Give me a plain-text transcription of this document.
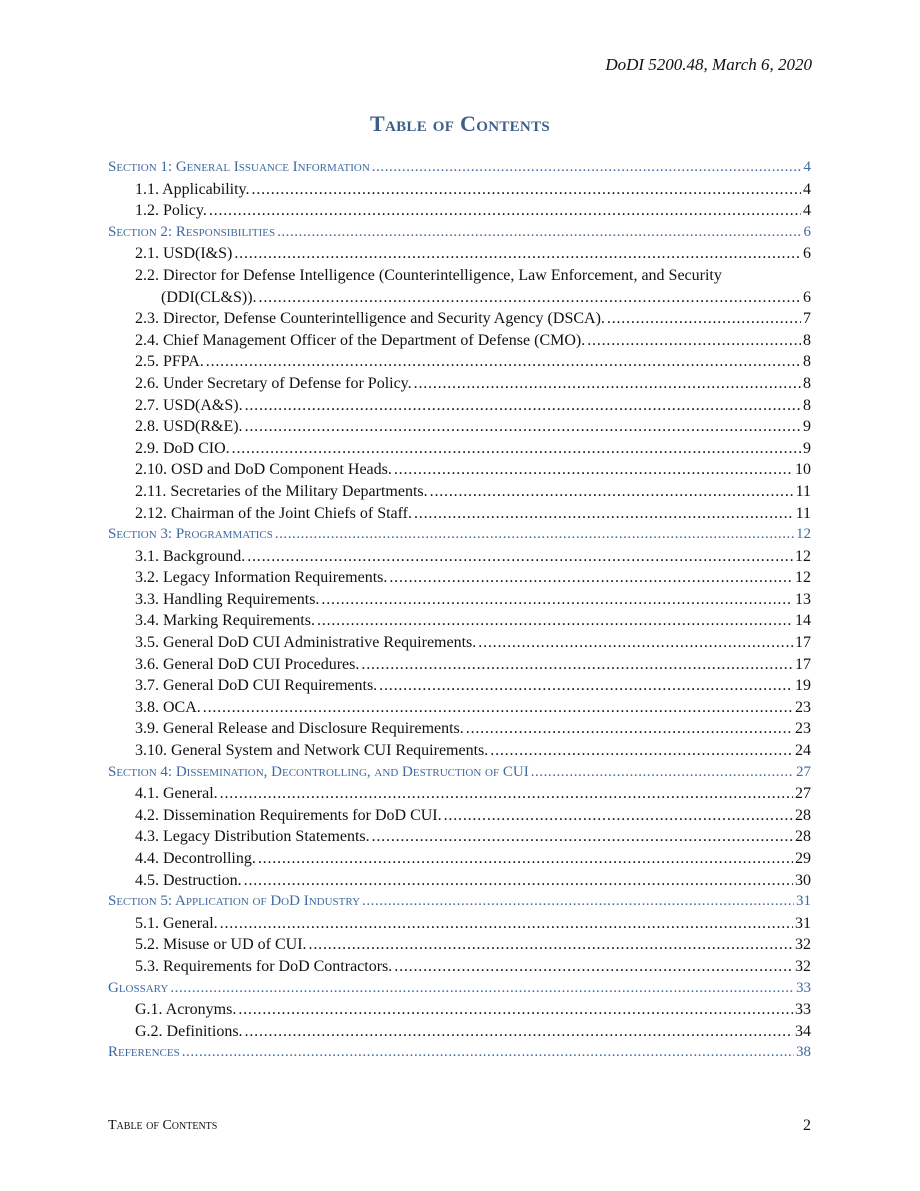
DoDI 5200.48, March 6, 2020
Table of Contents
Section 1: General Issuance Information . . .	4
1.1. Applicability. . . .	4
1.2. Policy. . . .	4
Section 2: Responsibilities . . .	6
2.1. USD(I&S) . . .	6
2.2. Director for Defense Intelligence (Counterintelligence, Law Enforcement, and Security
(DDI(CL&S)). . . .	6
2.3. Director, Defense Counterintelligence and Security Agency (DSCA). . . .	7
2.4. Chief Management Officer of the Department of Defense (CMO). . . .	8
2.5. PFPA. . . .	8
2.6. Under Secretary of Defense for Policy. . . .	8
2.7. USD(A&S). . . .	8
2.8. USD(R&E). . . .	9
2.9. DoD CIO. . . .	9
2.10. OSD and DoD Component Heads. . . .	10
2.11. Secretaries of the Military Departments. . . .	11
2.12. Chairman of the Joint Chiefs of Staff. . . .	11
Section 3: Programmatics . . .	12
3.1. Background. . . .	12
3.2. Legacy Information Requirements. . . .	12
3.3. Handling Requirements. . . .	13
3.4. Marking Requirements. . . .	14
3.5. General DoD CUI Administrative Requirements. . . .	17
3.6. General DoD CUI Procedures. . . .	17
3.7. General DoD CUI Requirements. . . .	19
3.8. OCA. . . .	23
3.9. General Release and Disclosure Requirements. . . .	23
3.10. General System and Network CUI Requirements. . . .	24
Section 4: Dissemination, Decontrolling, and Destruction of CUI . . .	27
4.1. General. . . .	27
4.2. Dissemination Requirements for DoD CUI. . . .	28
4.3. Legacy Distribution Statements. . . .	28
4.4. Decontrolling. . . .	29
4.5. Destruction. . . .	30
Section 5: Application of DoD Industry . . .	31
5.1. General. . . .	31
5.2. Misuse or UD of CUI. . . .	32
5.3. Requirements for DoD Contractors. . . .	32
Glossary . . .	33
G.1. Acronyms. . . .	33
G.2. Definitions. . . .	34
References . . .	38
Table of Contents	2
